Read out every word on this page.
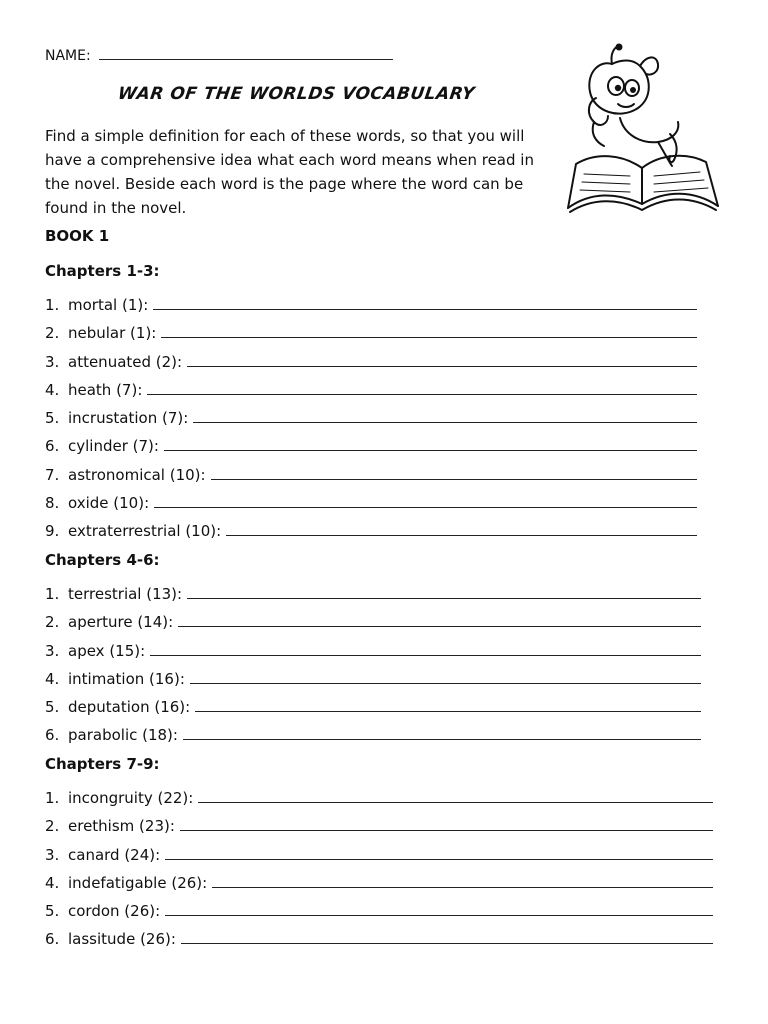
NAME:
WAR OF THE WORLDS VOCABULARY
Find a simple definition for each of these words, so that you will have a comprehensive idea what each word means when read in the novel. Beside each word is the page where the word can be found in the novel.
BOOK 1
Chapters 1-3:
1. mortal (1):
2. nebular (1):
3. attenuated (2):
4. heath (7):
5. incrustation (7):
6. cylinder (7):
7. astronomical (10):
8. oxide (10):
9. extraterrestrial (10):
Chapters 4-6:
1. terrestrial (13):
2. aperture (14):
3. apex (15):
4. intimation (16):
5. deputation (16):
6. parabolic (18):
Chapters 7-9:
1. incongruity (22):
2. erethism (23):
3. canard (24):
4. indefatigable (26):
5. cordon (26):
6. lassitude (26):
